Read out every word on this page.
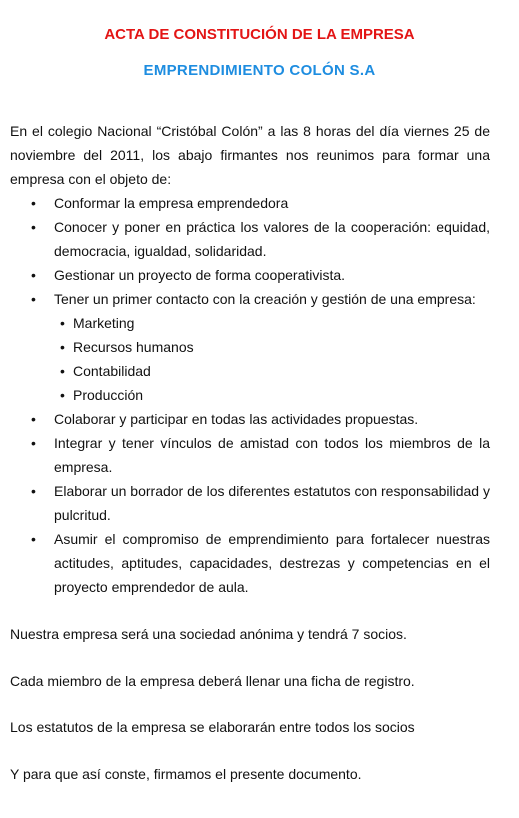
ACTA DE CONSTITUCIÓN DE LA EMPRESA
EMPRENDIMIENTO COLÓN S.A
En el colegio Nacional “Cristóbal Colón” a las 8 horas del día viernes 25 de noviembre del 2011, los abajo firmantes nos reunimos para formar una empresa con el objeto de:
• Conformar la empresa emprendedora
• Conocer y poner en práctica los valores de la cooperación: equidad, democracia, igualdad, solidaridad.
• Gestionar un proyecto de forma cooperativista.
• Tener un primer contacto con la creación y gestión de una empresa:
• Marketing
• Recursos humanos
• Contabilidad
• Producción
• Colaborar y participar en todas las actividades propuestas.
• Integrar y tener vínculos de amistad con todos los miembros de la empresa.
• Elaborar un borrador de los diferentes estatutos con responsabilidad y pulcritud.
• Asumir el compromiso de emprendimiento para fortalecer nuestras actitudes, aptitudes, capacidades, destrezas y competencias en el proyecto emprendedor de aula.
Nuestra empresa será una sociedad anónima y tendrá 7 socios.
Cada miembro de la empresa deberá llenar una ficha de registro.
Los estatutos de la empresa se elaborarán entre todos los socios
Y para que así conste, firmamos el presente documento.
